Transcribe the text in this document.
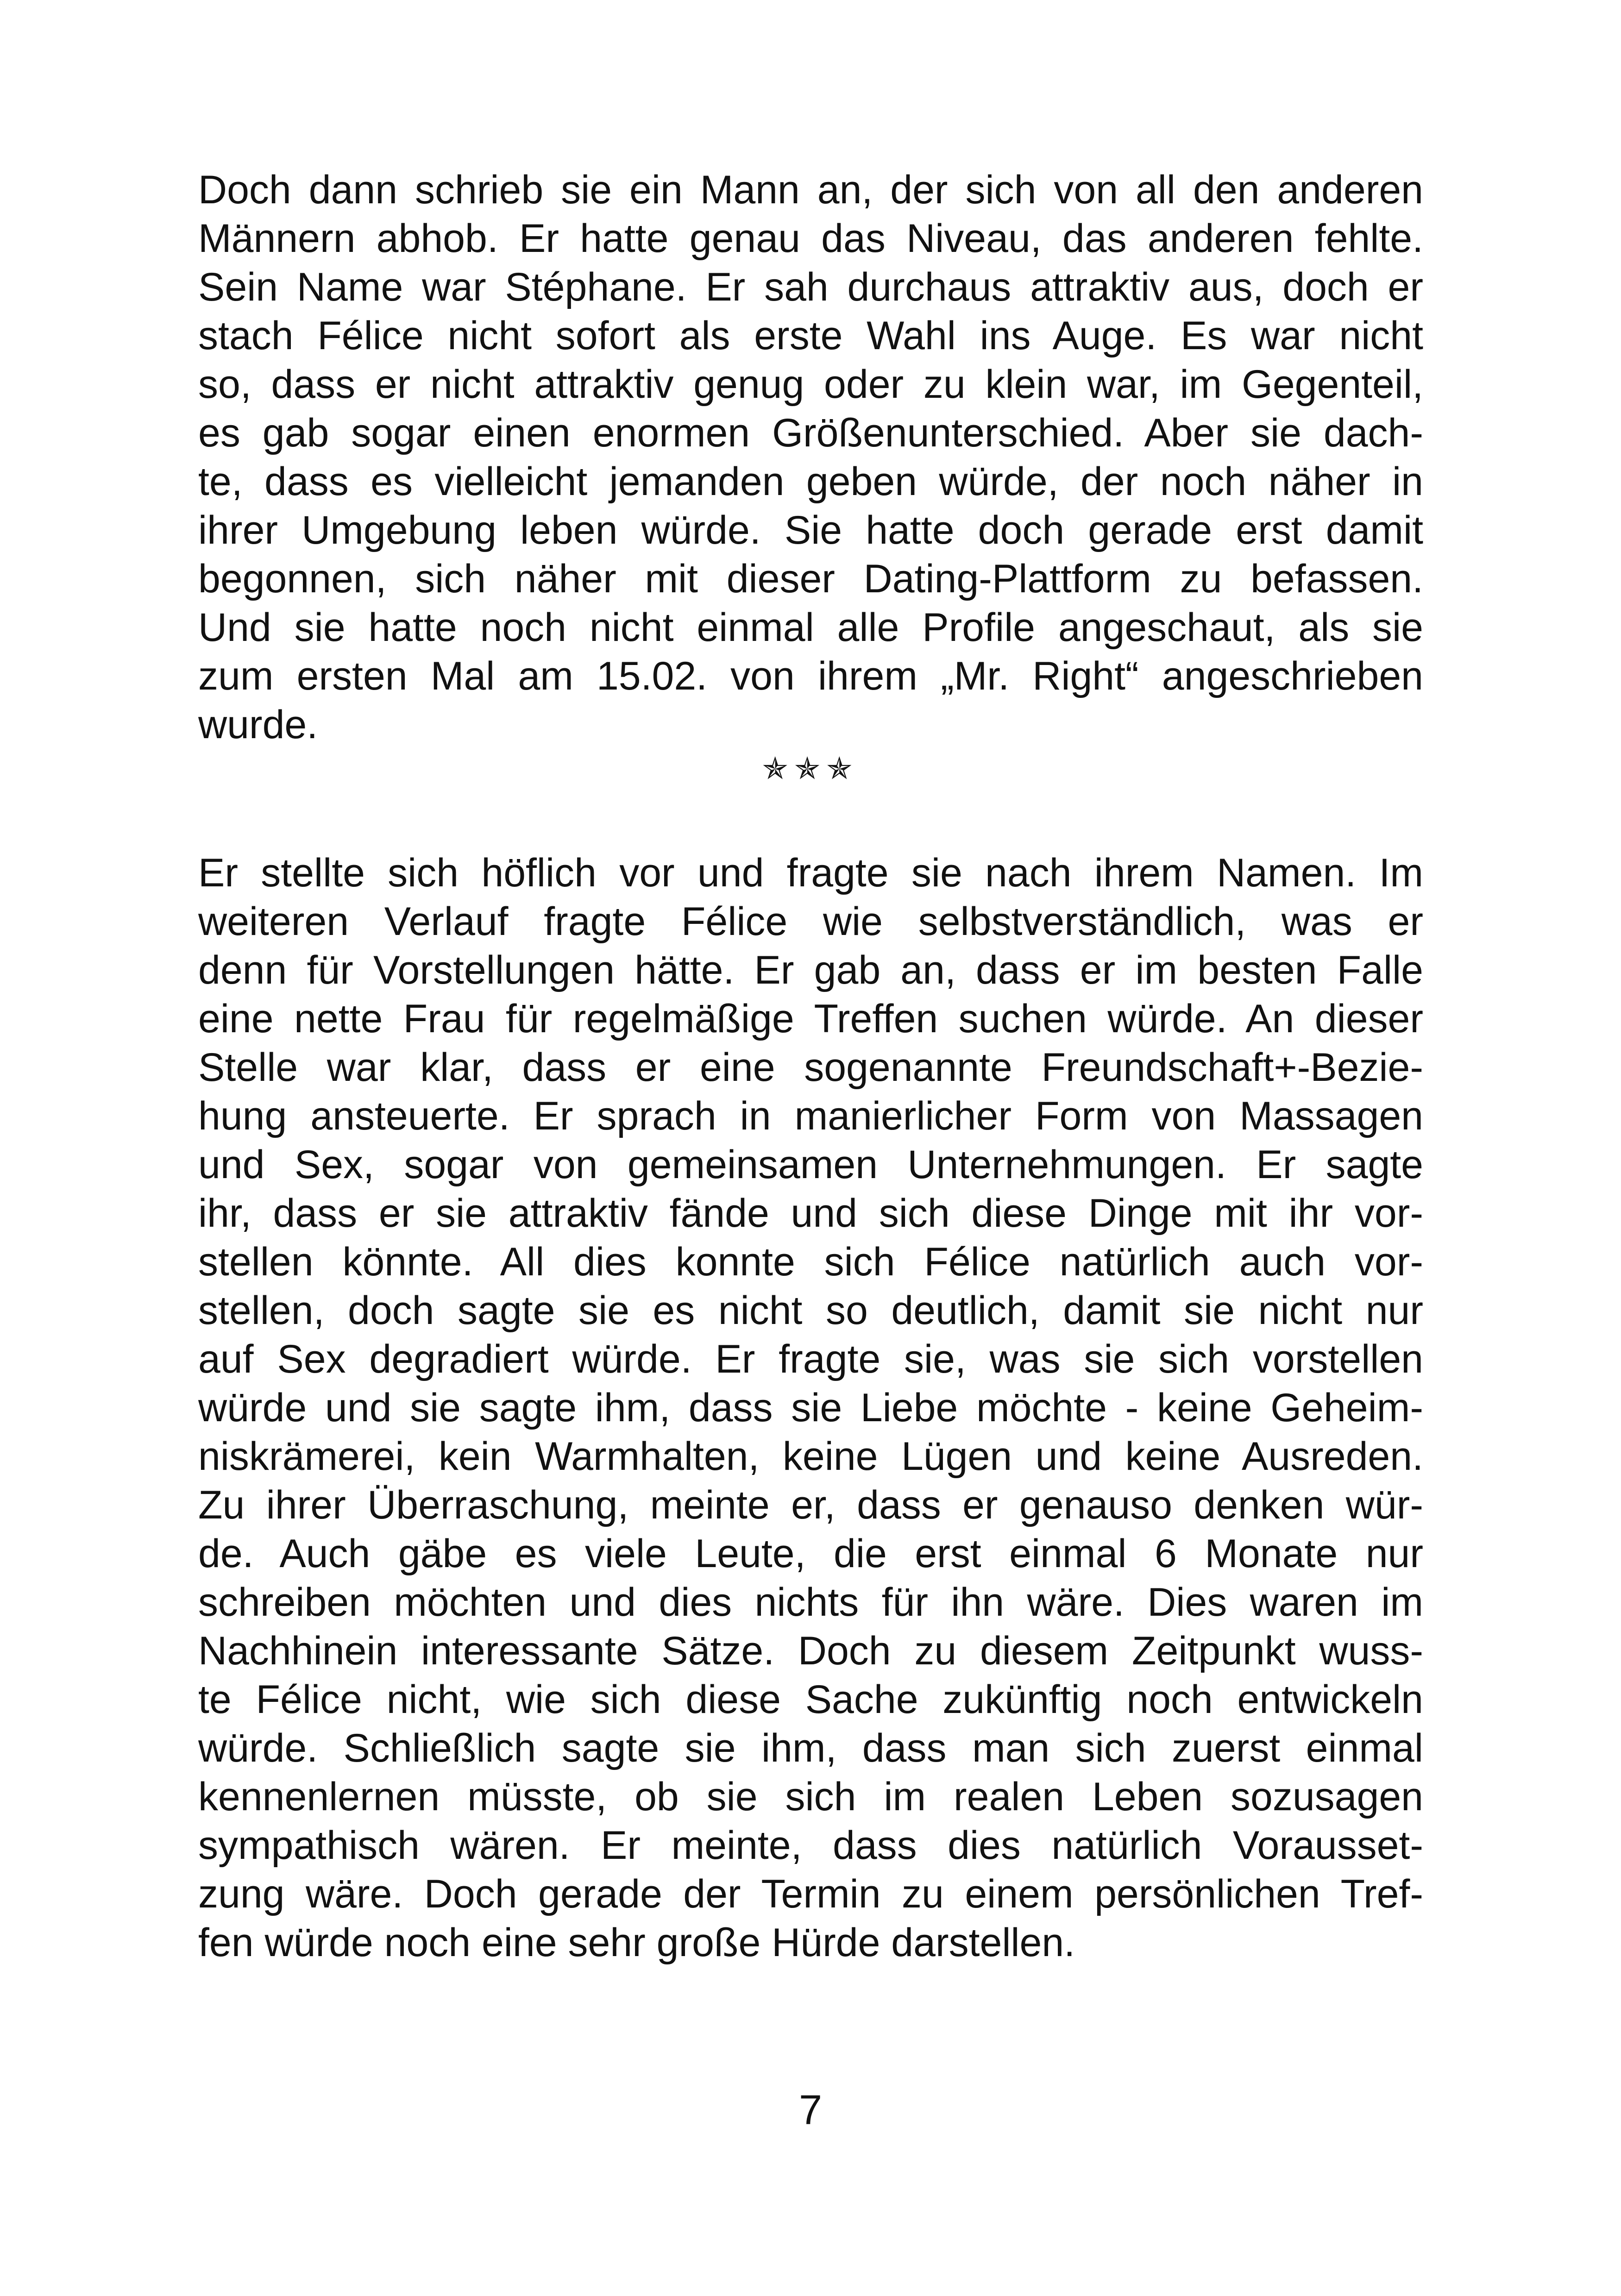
Doch dann schrieb sie ein Mann an, der sich von all den anderen
Männern abhob. Er hatte genau das Niveau, das anderen fehlte.
Sein Name war Stéphane. Er sah durchaus attraktiv aus, doch er
stach Félice nicht sofort als erste Wahl ins Auge. Es war nicht
so, dass er nicht attraktiv genug oder zu klein war, im Gegenteil,
es gab sogar einen enormen Größenunterschied. Aber sie dach-
te, dass es vielleicht jemanden geben würde, der noch näher in
ihrer Umgebung leben würde. Sie hatte doch gerade erst damit
begonnen, sich näher mit dieser Dating-Plattform zu befassen.
Und sie hatte noch nicht einmal alle Profile angeschaut, als sie
zum ersten Mal am 15.02. von ihrem „Mr. Right“ angeschrieben
wurde.
✯✯✯
Er stellte sich höflich vor und fragte sie nach ihrem Namen. Im
weiteren Verlauf fragte Félice wie selbstverständlich, was er
denn für Vorstellungen hätte. Er gab an, dass er im besten Falle
eine nette Frau für regelmäßige Treffen suchen würde. An dieser
Stelle war klar, dass er eine sogenannte Freundschaft+-Bezie-
hung ansteuerte. Er sprach in manierlicher Form von Massagen
und Sex, sogar von gemeinsamen Unternehmungen. Er sagte
ihr, dass er sie attraktiv fände und sich diese Dinge mit ihr vor-
stellen könnte. All dies konnte sich Félice natürlich auch vor-
stellen, doch sagte sie es nicht so deutlich, damit sie nicht nur
auf Sex degradiert würde. Er fragte sie, was sie sich vorstellen
würde und sie sagte ihm, dass sie Liebe möchte - keine Geheim-
niskrämerei, kein Warmhalten, keine Lügen und keine Ausreden.
Zu ihrer Überraschung, meinte er, dass er genauso denken wür-
de. Auch gäbe es viele Leute, die erst einmal 6 Monate nur
schreiben möchten und dies nichts für ihn wäre. Dies waren im
Nachhinein interessante Sätze. Doch zu diesem Zeitpunkt wuss-
te Félice nicht, wie sich diese Sache zukünftig noch entwickeln
würde. Schließlich sagte sie ihm, dass man sich zuerst einmal
kennenlernen müsste, ob sie sich im realen Leben sozusagen
sympathisch wären. Er meinte, dass dies natürlich Vorausset-
zung wäre. Doch gerade der Termin zu einem persönlichen Tref-
fen würde noch eine sehr große Hürde darstellen.
7
